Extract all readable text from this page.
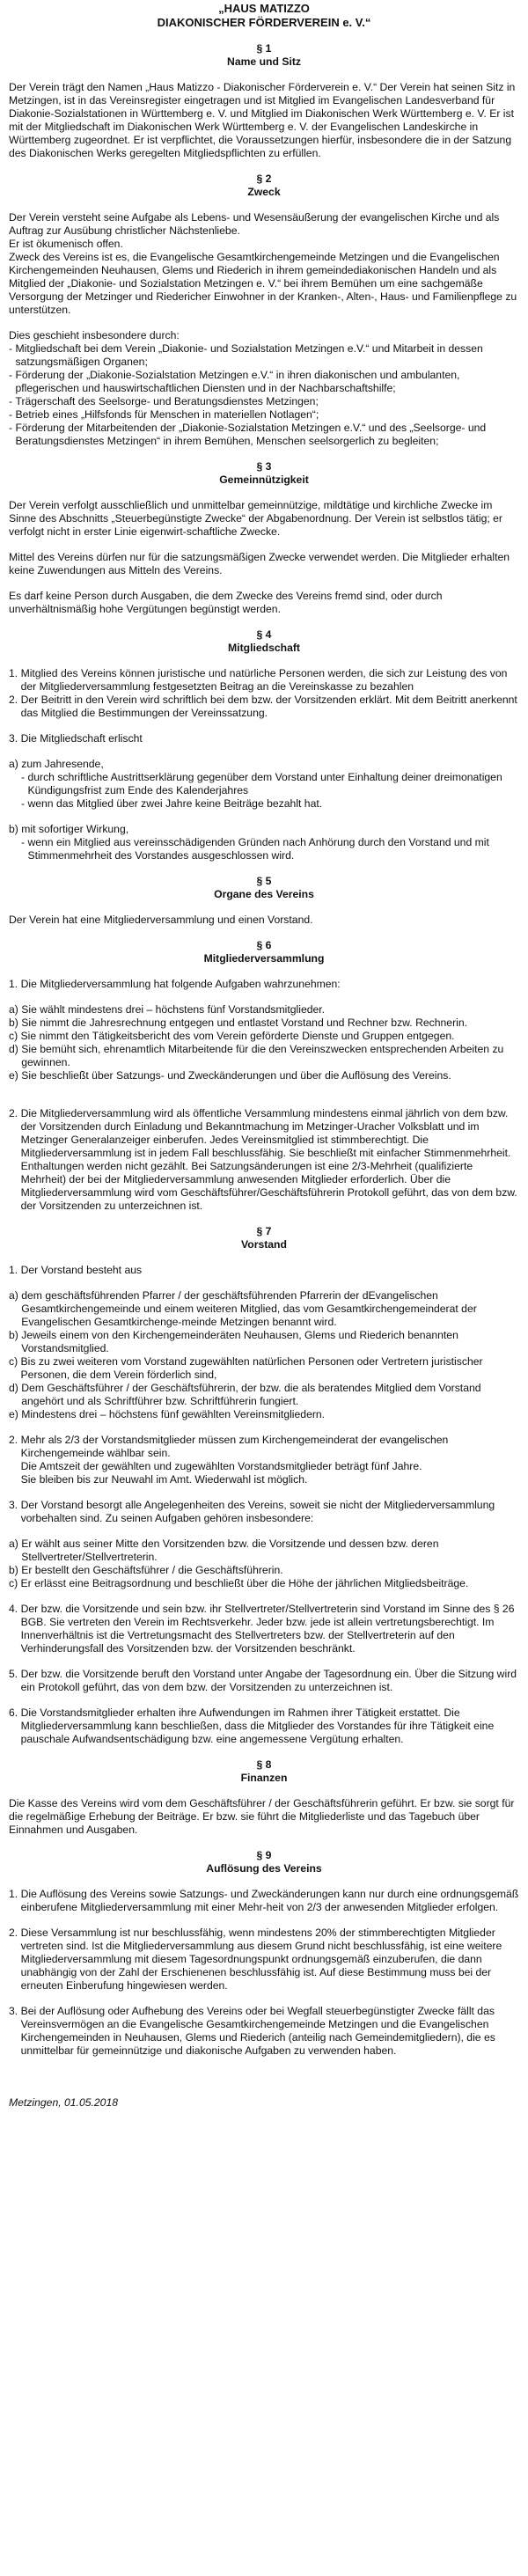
„HAUS MATIZZO
DIAKONISCHER FÖRDERVEREIN e. V.“
§ 1
Name und Sitz
Der Verein trägt den Namen „Haus Matizzo - Diakonischer Förderverein e. V.“ Der Verein hat seinen Sitz in Metzingen, ist in das Vereinsregister eingetragen und ist Mitglied im Evangelischen Landesverband für Diakonie-Sozialstationen in Württemberg e. V. und Mitglied im Diakonischen Werk Württemberg e. V. Er ist mit der Mitgliedschaft im Diakonischen Werk Württemberg e. V. der Evangelischen Landeskirche in Württemberg zugeordnet. Er ist verpflichtet, die Voraussetzungen hierfür, insbesondere die in der Satzung des Diakonischen Werks geregelten Mitgliedspflichten zu erfüllen.
§ 2
Zweck
Der Verein versteht seine Aufgabe als Lebens- und Wesensäußerung der evangelischen Kirche und als Auftrag zur Ausübung christlicher Nächstenliebe.
Er ist ökumenisch offen.
Zweck des Vereins ist es, die Evangelische Gesamtkirchengemeinde Metzingen und die Evangelischen Kirchengemeinden Neuhausen, Glems und Riederich in ihrem gemeindediakonischen Handeln und als Mitglied der „Diakonie- und Sozialstation Metzingen e. V.“ bei ihrem Bemühen um eine sachgemäße Versorgung der Metzinger und Riedericher Einwohner in der Kranken-, Alten-, Haus- und Familienpflege zu unterstützen.
Dies geschieht insbesondere durch:
- Mitgliedschaft bei dem Verein „Diakonie- und Sozialstation Metzingen e.V.“ und Mitarbeit in dessen satzungsmäßigen Organen;
- Förderung der „Diakonie-Sozialstation Metzingen e.V.“ in ihren diakonischen und ambulanten, pflegerischen und hauswirtschaftlichen Diensten und in der Nachbarschaftshilfe;
- Trägerschaft des Seelsorge- und Beratungsdienstes Metzingen;
- Betrieb eines „Hilfsfonds für Menschen in materiellen Notlagen“;
- Förderung der Mitarbeitenden der „Diakonie-Sozialstation Metzingen e.V.“ und des „Seelsorge- und Beratungsdienstes Metzingen“ in ihrem Bemühen, Menschen seelsorgerlich zu begleiten;
§ 3
Gemeinnützigkeit
Der Verein verfolgt ausschließlich und unmittelbar gemeinnützige, mildtätige und kirchliche Zwecke im Sinne des Abschnitts „Steuerbegünstigte Zwecke“ der Abgabenordnung. Der Verein ist selbstlos tätig; er verfolgt nicht in erster Linie eigenwirt-schaftliche Zwecke.
Mittel des Vereins dürfen nur für die satzungsmäßigen Zwecke verwendet werden. Die Mitglieder erhalten keine Zuwendungen aus Mitteln des Vereins.
Es darf keine Person durch Ausgaben, die dem Zwecke des Vereins fremd sind, oder durch unverhältnismäßig hohe Vergütungen begünstigt werden.
§ 4
Mitgliedschaft
1. Mitglied des Vereins können juristische und natürliche Personen werden, die sich zur Leistung des von der Mitgliederversammlung festgesetzten Beitrag an die Vereinskasse zu bezahlen
2. Der Beitritt in den Verein wird schriftlich bei dem bzw. der Vorsitzenden erklärt. Mit dem Beitritt anerkennt das Mitglied die Bestimmungen der Vereinssatzung.
3. Die Mitgliedschaft erlischt
a) zum Jahresende,
- durch schriftliche Austrittserklärung gegenüber dem Vorstand unter Einhaltung deiner dreimonatigen Kündigungsfrist zum Ende des Kalenderjahres
- wenn das Mitglied über zwei Jahre keine Beiträge bezahlt hat.
b) mit sofortiger Wirkung,
- wenn ein Mitglied aus vereinsschädigenden Gründen nach Anhörung durch den Vorstand und mit Stimmenmehrheit des Vorstandes ausgeschlossen wird.
§ 5
Organe des Vereins
Der Verein hat eine Mitgliederversammlung und einen Vorstand.
§ 6
Mitgliederversammlung
1. Die Mitgliederversammlung hat folgende Aufgaben wahrzunehmen:
a) Sie wählt mindestens drei – höchstens fünf Vorstandsmitglieder.
b) Sie nimmt die Jahresrechnung entgegen und entlastet Vorstand und Rechner bzw. Rechnerin.
c) Sie nimmt den Tätigkeitsbericht des vom Verein geförderte Dienste und Gruppen entgegen.
d) Sie bemüht sich, ehrenamtlich Mitarbeitende für die den Vereinszwecken entsprechenden Arbeiten zu gewinnen.
e) Sie beschließt über Satzungs- und Zweckänderungen und über die Auflösung des Vereins.
2. Die Mitgliederversammlung wird als öffentliche Versammlung mindestens einmal jährlich von dem bzw. der Vorsitzenden durch Einladung und Bekanntmachung im Metzinger-Uracher Volksblatt und im Metzinger Generalanzeiger einberufen. Jedes Vereinsmitglied ist stimmberechtigt. Die Mitgliederversammlung ist in jedem Fall beschlussfähig. Sie beschließt mit einfacher Stimmenmehrheit. Enthaltungen werden nicht gezählt. Bei Satzungsänderungen ist eine 2/3-Mehrheit (qualifizierte Mehrheit) der bei der Mitgliederversammlung anwesenden Mitglieder erforderlich. Über die Mitgliederversammlung wird vom Geschäftsführer/Geschäftsführerin Protokoll geführt, das von dem bzw. der Vorsitzenden zu unterzeichnen ist.
§ 7
Vorstand
1. Der Vorstand besteht aus
a) dem geschäftsführenden Pfarrer / der geschäftsführenden Pfarrerin der dEvangelischen Gesamtkirchengemeinde und einem weiteren Mitglied, das vom Gesamtkirchengemeinderat der Evangelischen Gesamtkirchenge-meinde Metzingen benannt wird.
b) Jeweils einem von den Kirchengemeinderäten Neuhausen, Glems und Riederich benannten Vorstandsmitglied.
c) Bis zu zwei weiteren vom Vorstand zugewählten natürlichen Personen oder Vertretern juristischer Personen, die dem Verein förderlich sind,
d) Dem Geschäftsführer / der Geschäftsführerin, der bzw. die als beratendes Mitglied dem Vorstand angehört und als Schriftführer bzw. Schriftführerin fungiert.
e) Mindestens drei – höchstens fünf gewählten Vereinsmitgliedern.
2. Mehr als 2/3 der Vorstandsmitglieder müssen zum Kirchengemeinderat der evangelischen Kirchengemeinde wählbar sein.
Die Amtszeit der gewählten und zugewählten Vorstandsmitglieder beträgt fünf Jahre.
Sie bleiben bis zur Neuwahl im Amt. Wiederwahl ist möglich.
3. Der Vorstand besorgt alle Angelegenheiten des Vereins, soweit sie nicht der Mitgliederversammlung vorbehalten sind. Zu seinen Aufgaben gehören insbesondere:
a) Er wählt aus seiner Mitte den Vorsitzenden bzw. die Vorsitzende und dessen bzw. deren Stellvertreter/Stellvertreterin.
b) Er bestellt den Geschäftsführer / die Geschäftsführerin.
c) Er erlässt eine Beitragsordnung und beschließt über die Höhe der jährlichen Mitgliedsbeiträge.
4. Der bzw. die Vorsitzende und sein bzw. ihr Stellvertreter/Stellvertreterin sind Vorstand im Sinne des § 26 BGB. Sie vertreten den Verein im Rechtsverkehr. Jeder bzw. jede ist allein vertretungsberechtigt. Im Innenverhältnis ist die Vertretungsmacht des Stellvertreters bzw. der Stellvertreterin auf den Verhinderungsfall des Vorsitzenden bzw. der Vorsitzenden beschränkt.
5. Der bzw. die Vorsitzende beruft den Vorstand unter Angabe der Tagesordnung ein. Über die Sitzung wird ein Protokoll geführt, das von dem bzw. der Vorsitzenden zu unterzeichnen ist.
6. Die Vorstandsmitglieder erhalten ihre Aufwendungen im Rahmen ihrer Tätigkeit erstattet. Die Mitgliederversammlung kann beschließen, dass die Mitglieder des Vorstandes für ihre Tätigkeit eine pauschale Aufwandsentschädigung bzw. eine angemessene Vergütung erhalten.
§ 8
Finanzen
Die Kasse des Vereins wird vom dem Geschäftsführer / der Geschäftsführerin geführt. Er bzw. sie sorgt für die regelmäßige Erhebung der Beiträge. Er bzw. sie führt die Mitgliederliste und das Tagebuch über Einnahmen und Ausgaben.
§ 9
Auflösung des Vereins
1. Die Auflösung des Vereins sowie Satzungs- und Zweckänderungen kann nur durch eine ordnungsgemäß einberufene Mitgliederversammlung mit einer Mehr-heit von 2/3 der anwesenden Mitglieder erfolgen.
2. Diese Versammlung ist nur beschlussfähig, wenn mindestens 20% der stimmberechtigten Mitglieder vertreten sind. Ist die Mitgliederversammlung aus diesem Grund nicht beschlussfähig, ist eine weitere Mitgliederversammlung mit diesem Tagesordnungspunkt ordnungsgemäß einzuberufen, die dann unabhängig von der Zahl der Erschienenen beschlussfähig ist. Auf diese Bestimmung muss bei der erneuten Einberufung hingewiesen werden.
3. Bei der Auflösung oder Aufhebung des Vereins oder bei Wegfall steuerbegünstigter Zwecke fällt das Vereinsvermögen an die Evangelische Gesamtkirchengemeinde Metzingen und die Evangelischen Kirchengemeinden in Neuhausen, Glems und Riederich (anteilig nach Gemeindemitgliedern), die es unmittelbar für gemeinnützige und diakonische Aufgaben zu verwenden haben.
Metzingen, 01.05.2018
